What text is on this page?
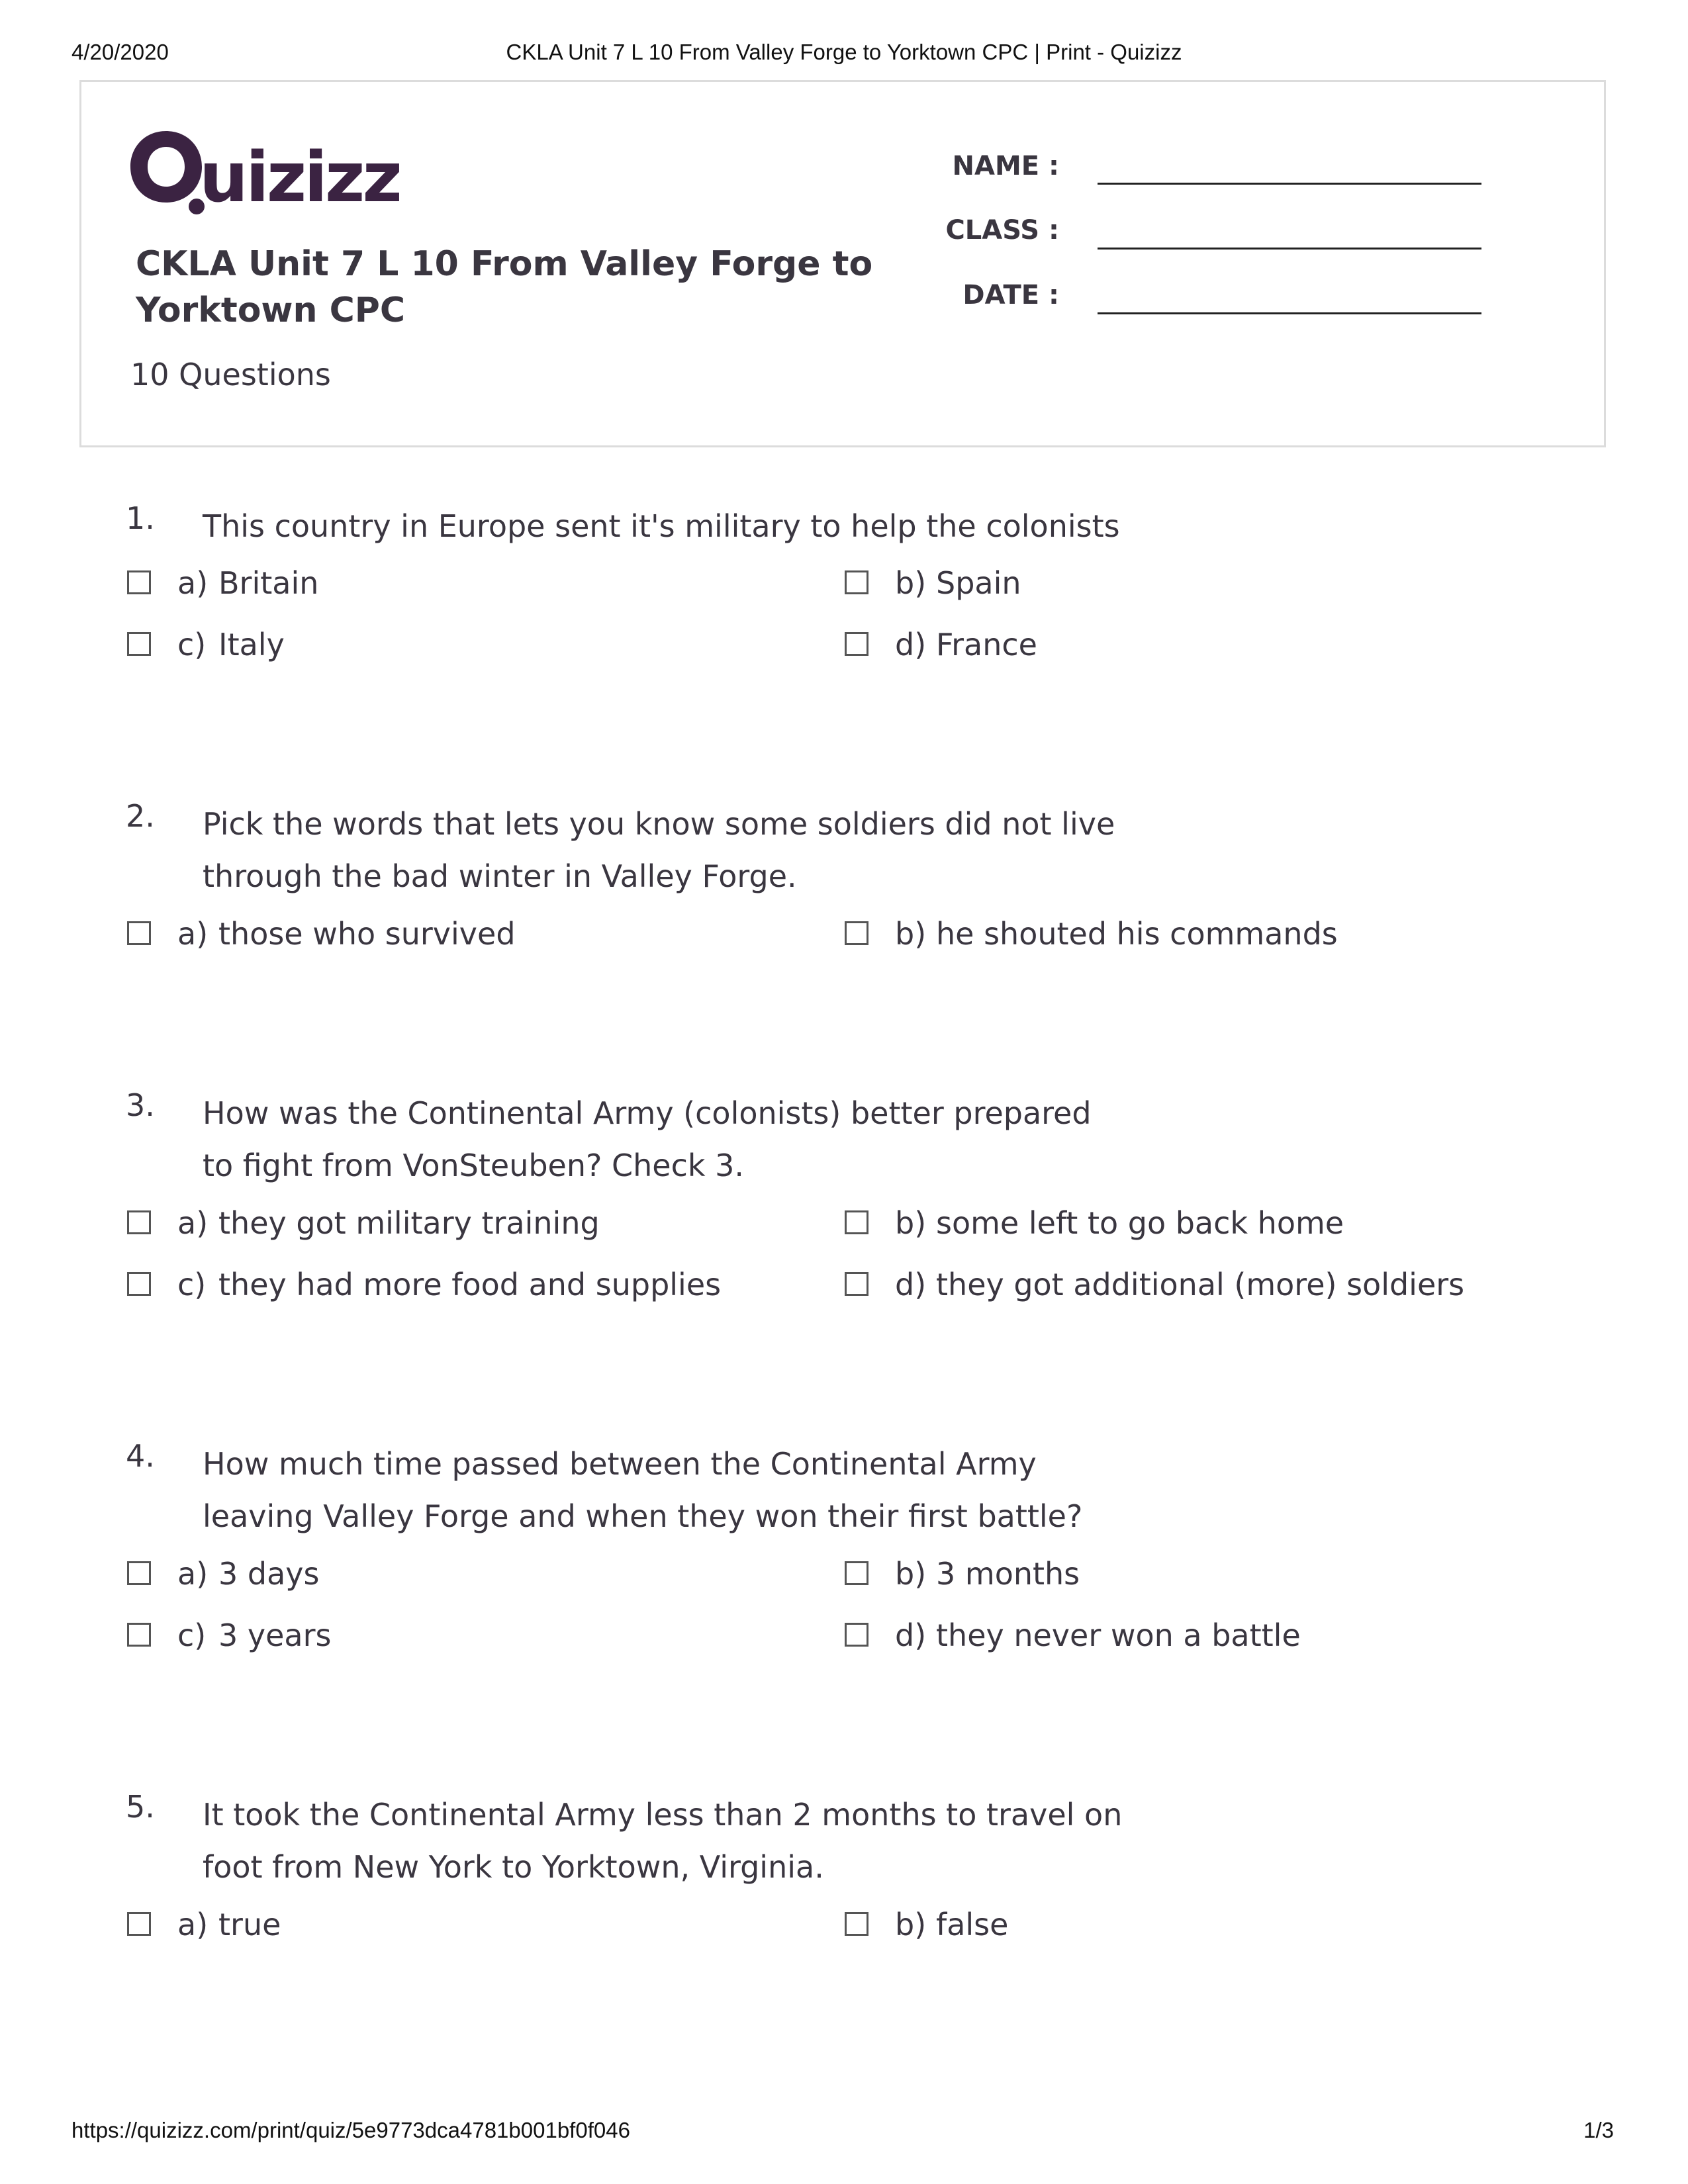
4/20/2020	CKLA Unit 7 L 10 From Valley Forge to Yorktown CPC | Print - Quizizz
uizizz
CKLA Unit 7 L 10 From Valley Forge to Yorktown CPC
10 Questions
NAME :
CLASS :
DATE :
1. This country in Europe sent it's military to help the colonists
a) Britain	b) Spain
c) Italy	d) France
2. Pick the words that lets you know some soldiers did not live
through the bad winter in Valley Forge.
a) those who survived	b) he shouted his commands
3. How was the Continental Army (colonists) better prepared
to fight from VonSteuben? Check 3.
a) they got military training	b) some left to go back home
c) they had more food and supplies	d) they got additional (more) soldiers
4. How much time passed between the Continental Army
leaving Valley Forge and when they won their first battle?
a) 3 days	b) 3 months
c) 3 years	d) they never won a battle
5. It took the Continental Army less than 2 months to travel on
foot from New York to Yorktown, Virginia.
a) true	b) false
https://quizizz.com/print/quiz/5e9773dca4781b001bf0f046	1/3
